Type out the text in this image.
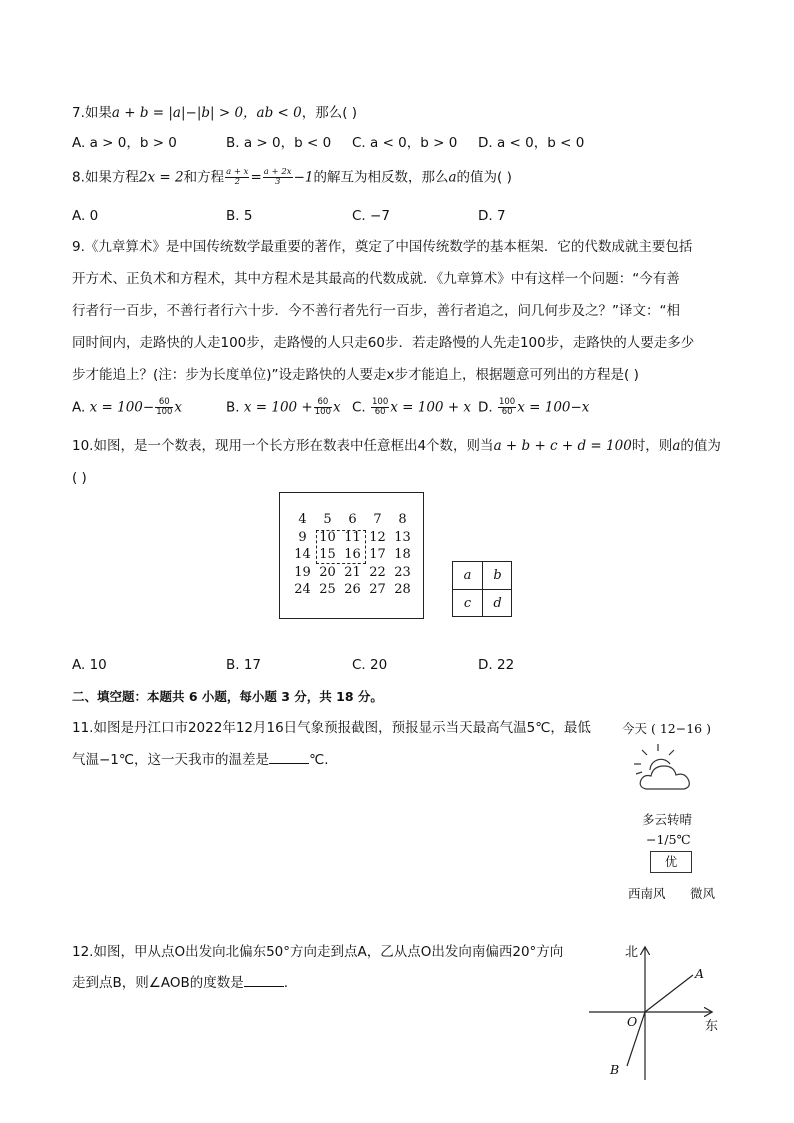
7.如果a + b = |a|−|b| > 0，ab < 0，那么( )
A. a > 0，b > 0	B. a > 0，b < 0 C. a < 0，b > 0 D. a < 0，b < 0
8.如果方程2x = 2和方程 $\frac{a + x}{2} = \frac{a + 2x}{3} -1$的解互为相反数，那么a的值为( )
A. 0	B. 5	C. −7	D. 7
9.《九章算术》是中国传统数学最重要的著作，奠定了中国传统数学的基本框架．它的代数成就主要包括
开方术、正负术和方程术，其中方程术是其最高的代数成就．《九章算术》中有这样一个问题：“今有善
行者行一百步，不善行者行六十步．今不善行者先行一百步，善行者追之，问几何步及之？”译文：“相
同时间内，走路快的人走100步，走路慢的人只走60步．若走路慢的人先走100步，走路快的人要走多少
步才能追上？(注：步为长度单位)”设走路快的人要走x步才能追上，根据题意可列出的方程是( )
A. $x = 100- \frac{60}{100}$ x	B. $x = 100 + \frac{60}{100}$ x C. $\frac{100}{60}$ x = 100 + x D. $\frac{100}{60}$ x = 100−x
10.如图，是一个数表，现用一个长方形在数表中任意框出4个数，则当a + b + c + d = 100时，则a的值为
( )
4	5	6	7	8
9 10 11 12 13
14 15 16 17 18
19 20 21 22 23
24 25 26 27 28
a	b
c	d
A. 10	B. 17	C. 20	D. 22
二、填空题：本题共 6 小题，每小题 3 分，共 18 分。
11.如图是丹江口市2022年12月16日气象预报截图，预报显示当天最高气温5℃，最低
气温−1℃，这一天我市的温差是	℃.
今天 ( 12−16 )
多云转晴
−1/5℃
优
西南风 微风
12.如图，甲从点O出发向北偏东50°方向走到点A，乙从点O出发向南偏西20°方向
走到点B，则∠AOB的度数是	.
北
东
O
A
B
